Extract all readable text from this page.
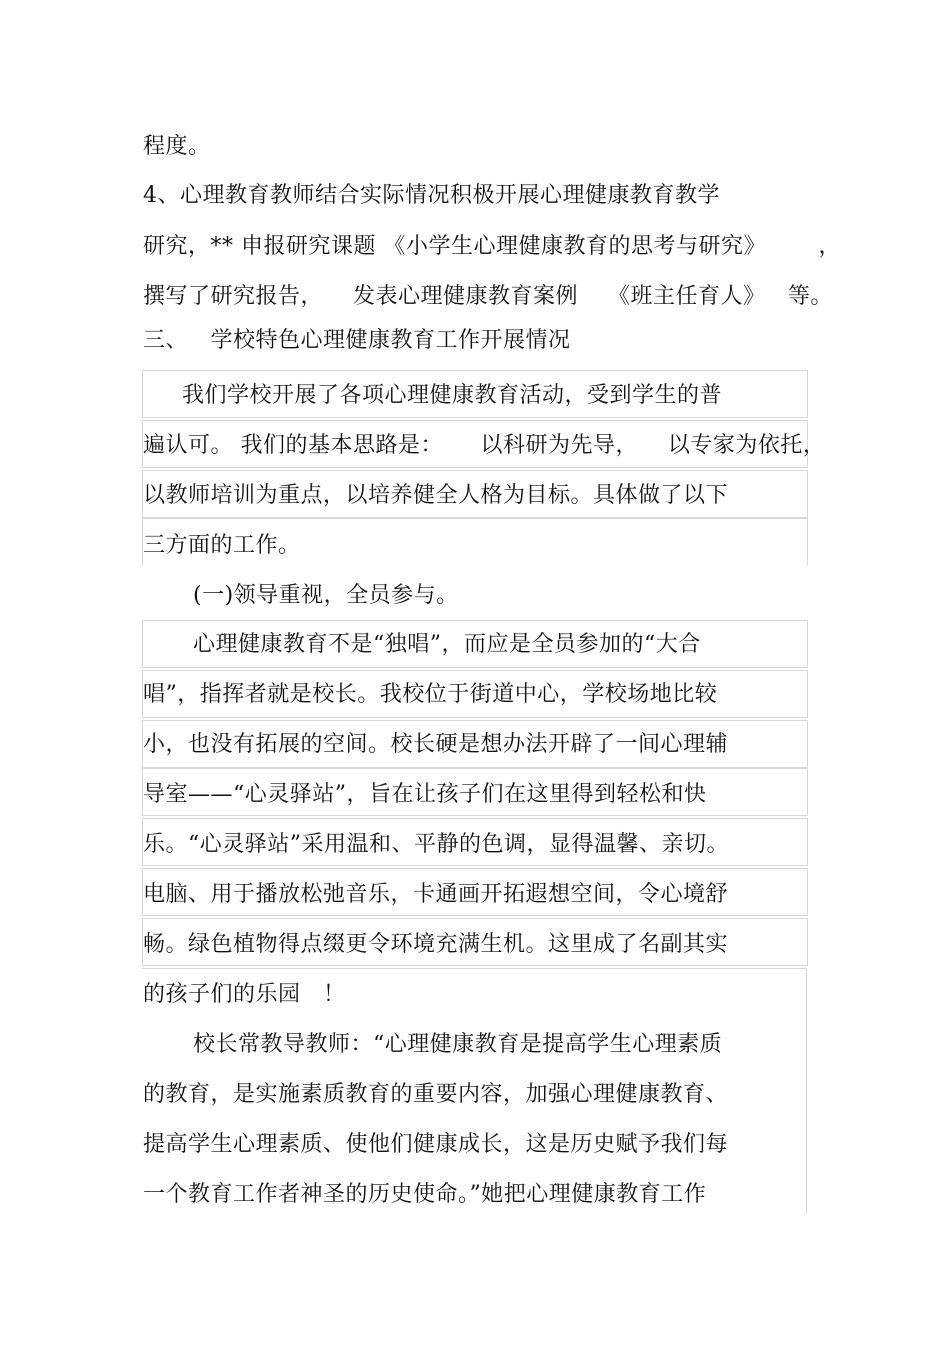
程度。
4、心理教育教师结合实际情况积极开展心理健康教育教学
研究，** 申报研究课题 《小学生心理健康教育的思考与研究》       ，
撰写了研究报告，    发表心理健康教育案例    《班主任育人》   等。
三、   学校特色心理健康教育工作开展情况
我们学校开展了各项心理健康教育活动，受到学生的普
遍认可。 我们的基本思路是：     以科研为先导，    以专家为依托，
以教师培训为重点，以培养健全人格为目标。具体做了以下
三方面的工作。
(一)领导重视，全员参与。
心理健康教育不是“独唱”，而应是全员参加的“大合
唱”，指挥者就是校长。我校位于街道中心，学校场地比较
小，也没有拓展的空间。校长硬是想办法开辟了一间心理辅
导室——“心灵驿站”，旨在让孩子们在这里得到轻松和快
乐。“心灵驿站”采用温和、平静的色调，显得温馨、亲切。
电脑、用于播放松弛音乐，卡通画开拓遐想空间，令心境舒
畅。绿色植物得点缀更令环境充满生机。这里成了名副其实
的孩子们的乐园   ！
校长常教导教师：“心理健康教育是提高学生心理素质
的教育，是实施素质教育的重要内容，加强心理健康教育、
提高学生心理素质、使他们健康成长，这是历史赋予我们每
一个教育工作者神圣的历史使命。”她把心理健康教育工作
